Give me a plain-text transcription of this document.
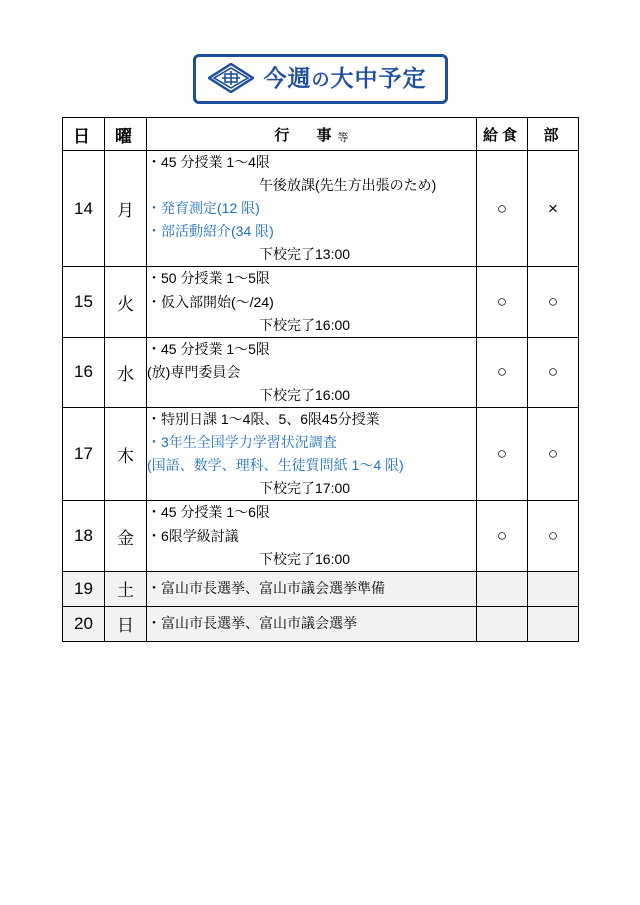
今週の大中予定
日	曜	行　事等	給食	部
14	月	・45 分授業 1〜4限
午後放課(先生方出張のため)
・発育測定(12 限)
・部活動紹介(34 限)
下校完了13:00	○	×
15	火	・50 分授業 1〜5限
・仮入部開始(〜/24)
下校完了16:00	○	○
16	水	・45 分授業 1〜5限
(放)専門委員会
下校完了16:00	○	○
17	木	・特別日課 1〜4限、5、6限45分授業
・3年生全国学力学習状況調査
(国語、数学、理科、生徒質問紙 1〜4 限)
下校完了17:00	○	○
18	金	・45 分授業 1〜6限
・6限学級討議
下校完了16:00	○	○
19	土	・富山市長選挙、富山市議会選挙準備		

20	日	・富山市長選挙、富山市議会選挙		
